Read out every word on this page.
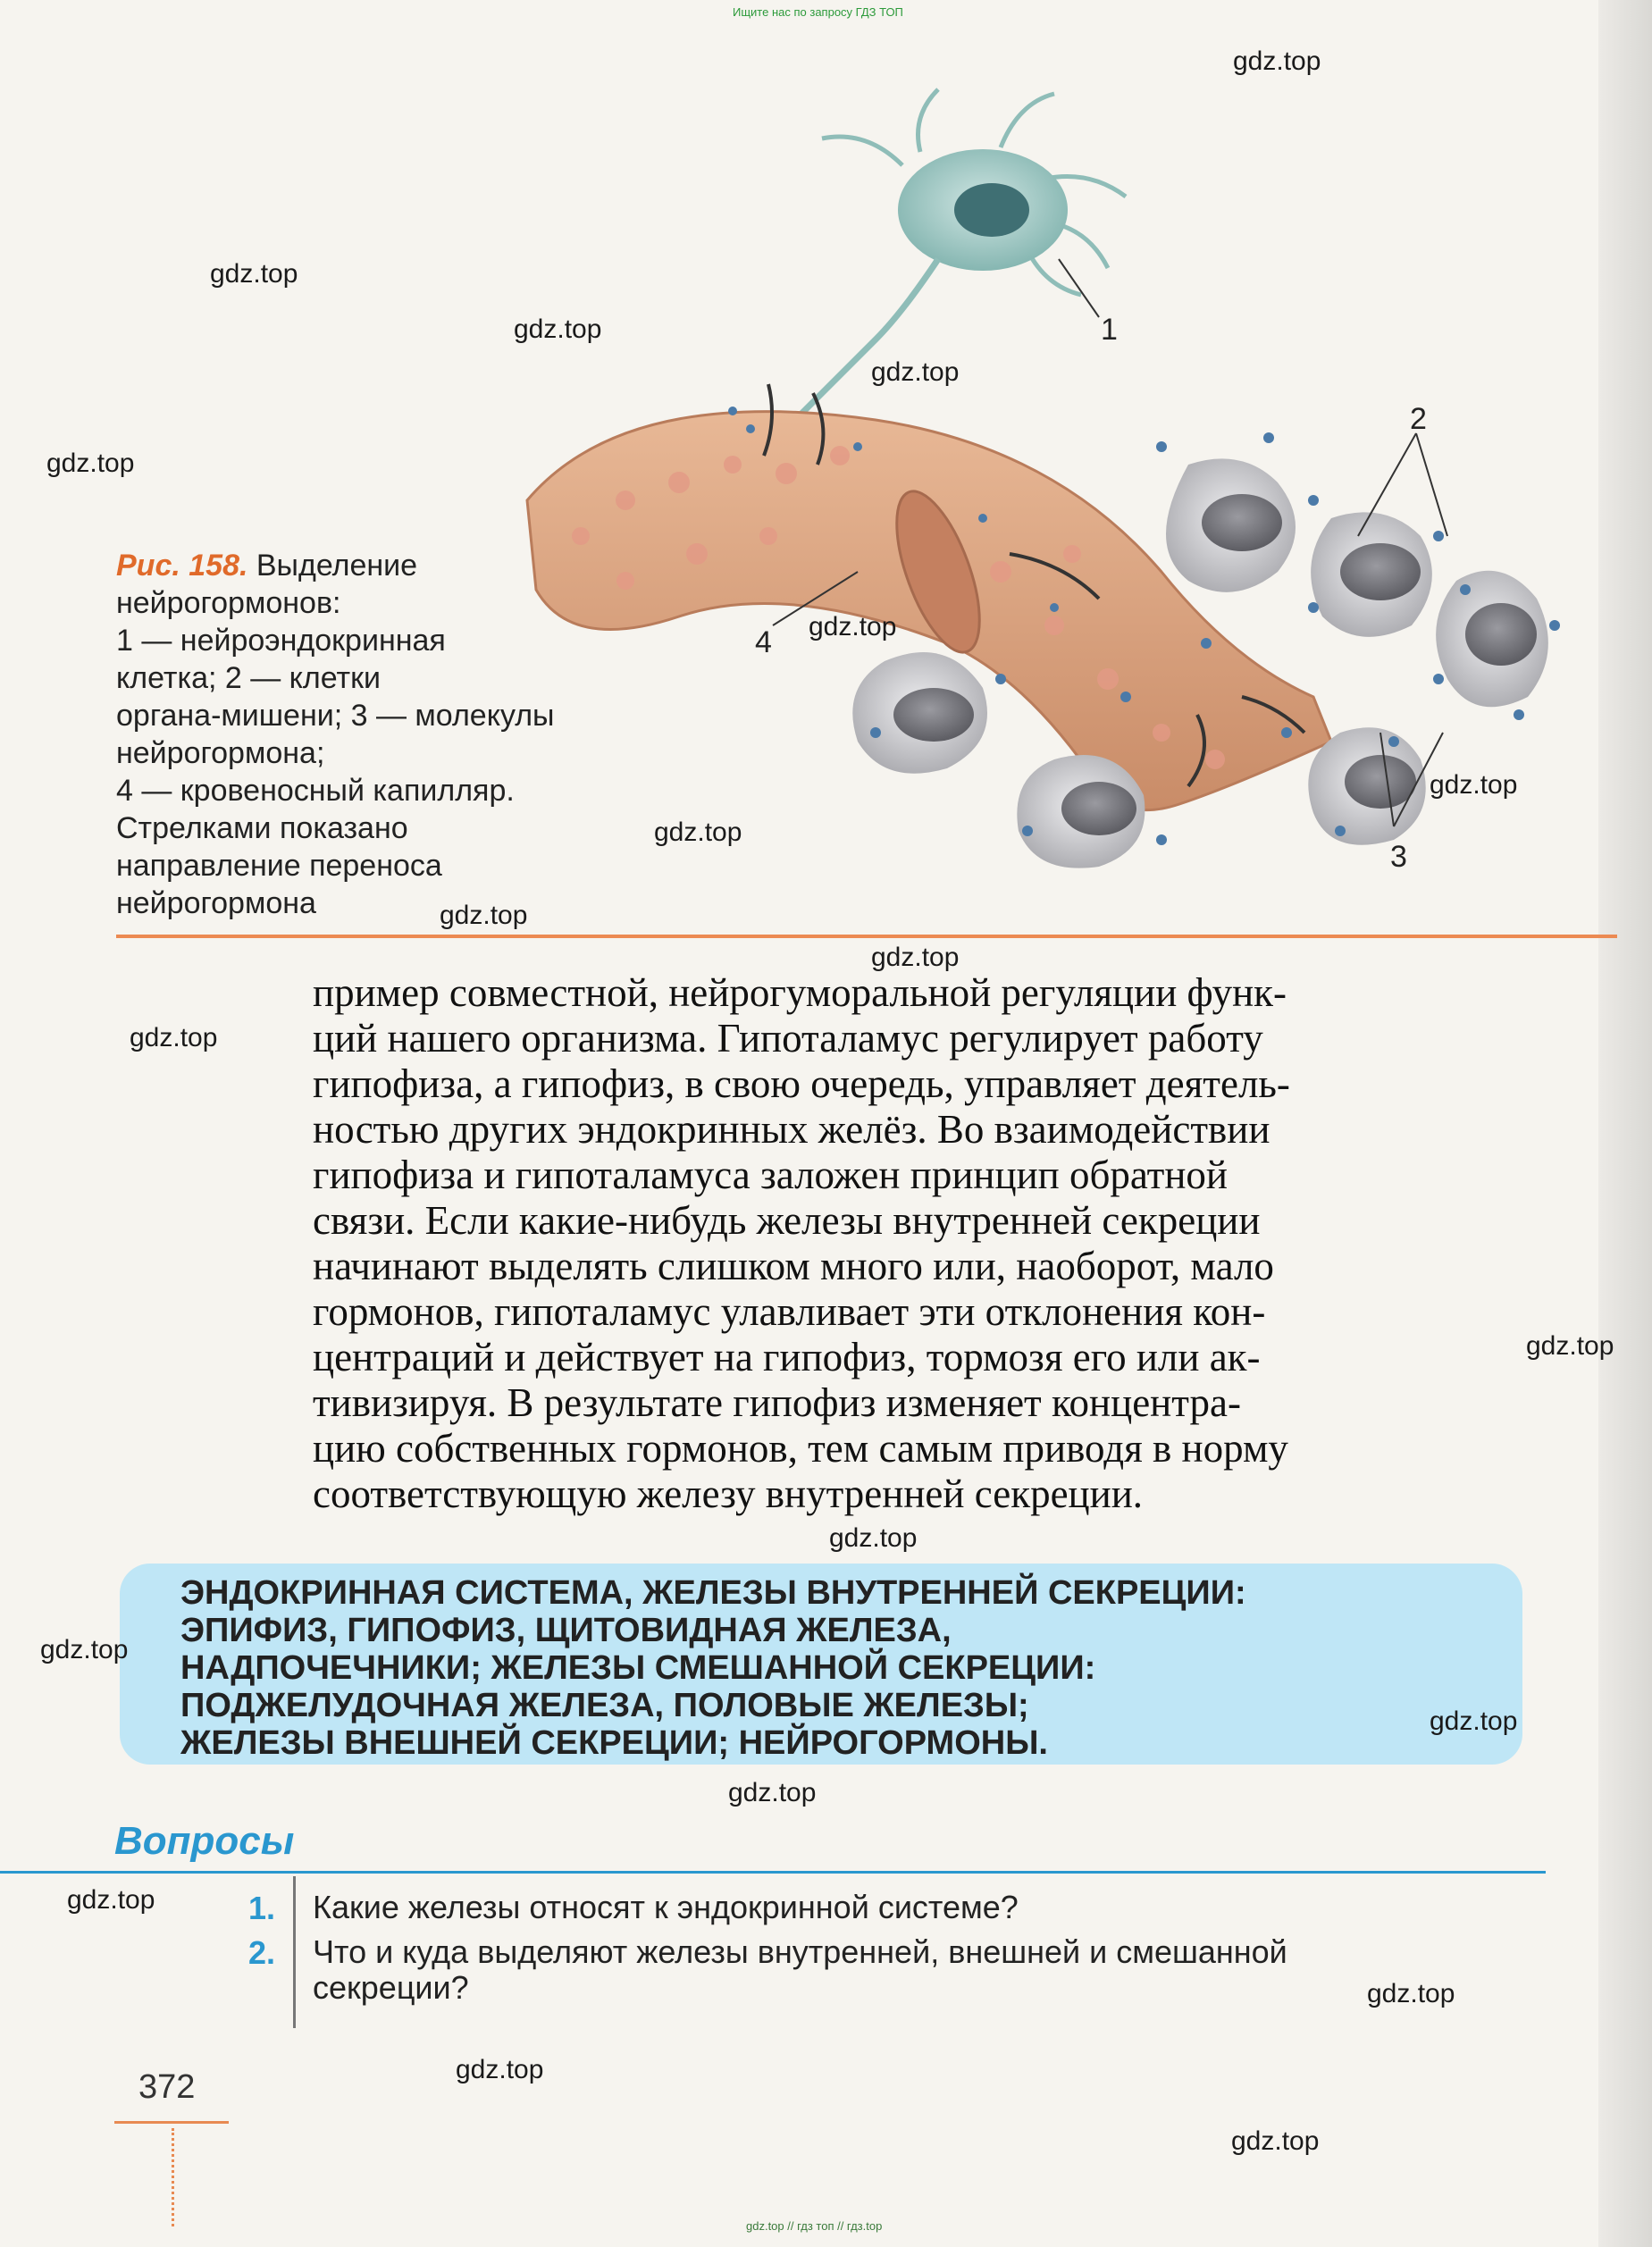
Ищите нас по запросу ГДЗ ТОП
1
2
3
4
Рис. 158. Выделение
нейрогормонов:
1 — нейроэндокринная
клетка; 2 — клетки
органа-мишени; 3 — молекулы
нейрогормона;
4 — кровеносный капилляр.
Стрелками показано
направление переноса
нейрогормона
пример совместной, нейрогуморальной регуляции функ-
ций нашего организма. Гипоталамус регулирует работу
гипофиза, а гипофиз, в свою очередь, управляет деятель-
ностью других эндокринных желёз. Во взаимодействии
гипофиза и гипоталамуса заложен принцип обратной
связи. Если какие-нибудь железы внутренней секреции
начинают выделять слишком много или, наоборот, мало
гормонов, гипоталамус улавливает эти отклонения кон-
центраций и действует на гипофиз, тормозя его или ак-
тивизируя. В результате гипофиз изменяет концентра-
цию собственных гормонов, тем самым приводя в норму
соответствующую железу внутренней секреции.
ЭНДОКРИННАЯ СИСТЕМА, ЖЕЛЕЗЫ ВНУТРЕННЕЙ СЕКРЕЦИИ:
ЭПИФИЗ, ГИПОФИЗ, ЩИТОВИДНАЯ ЖЕЛЕЗА,
НАДПОЧЕЧНИКИ; ЖЕЛЕЗЫ СМЕШАННОЙ СЕКРЕЦИИ:
ПОДЖЕЛУДОЧНАЯ ЖЕЛЕЗА, ПОЛОВЫЕ ЖЕЛЕЗЫ;
ЖЕЛЕЗЫ ВНЕШНЕЙ СЕКРЕЦИИ; НЕЙРОГОРМОНЫ.
Вопросы
1. Какие железы относят к эндокринной системе?
2. Что и куда выделяют железы внутренней, внешней и смешанной
секреции?
372
gdz.top
gdz.top
gdz.top
gdz.top
gdz.top
gdz.top
gdz.top
gdz.top
gdz.top
gdz.top
gdz.top
gdz.top
gdz.top
gdz.top
gdz.top
gdz.top
gdz.top
gdz.top
gdz.top
gdz.top
gdz.top // гдз топ // гдз.top
